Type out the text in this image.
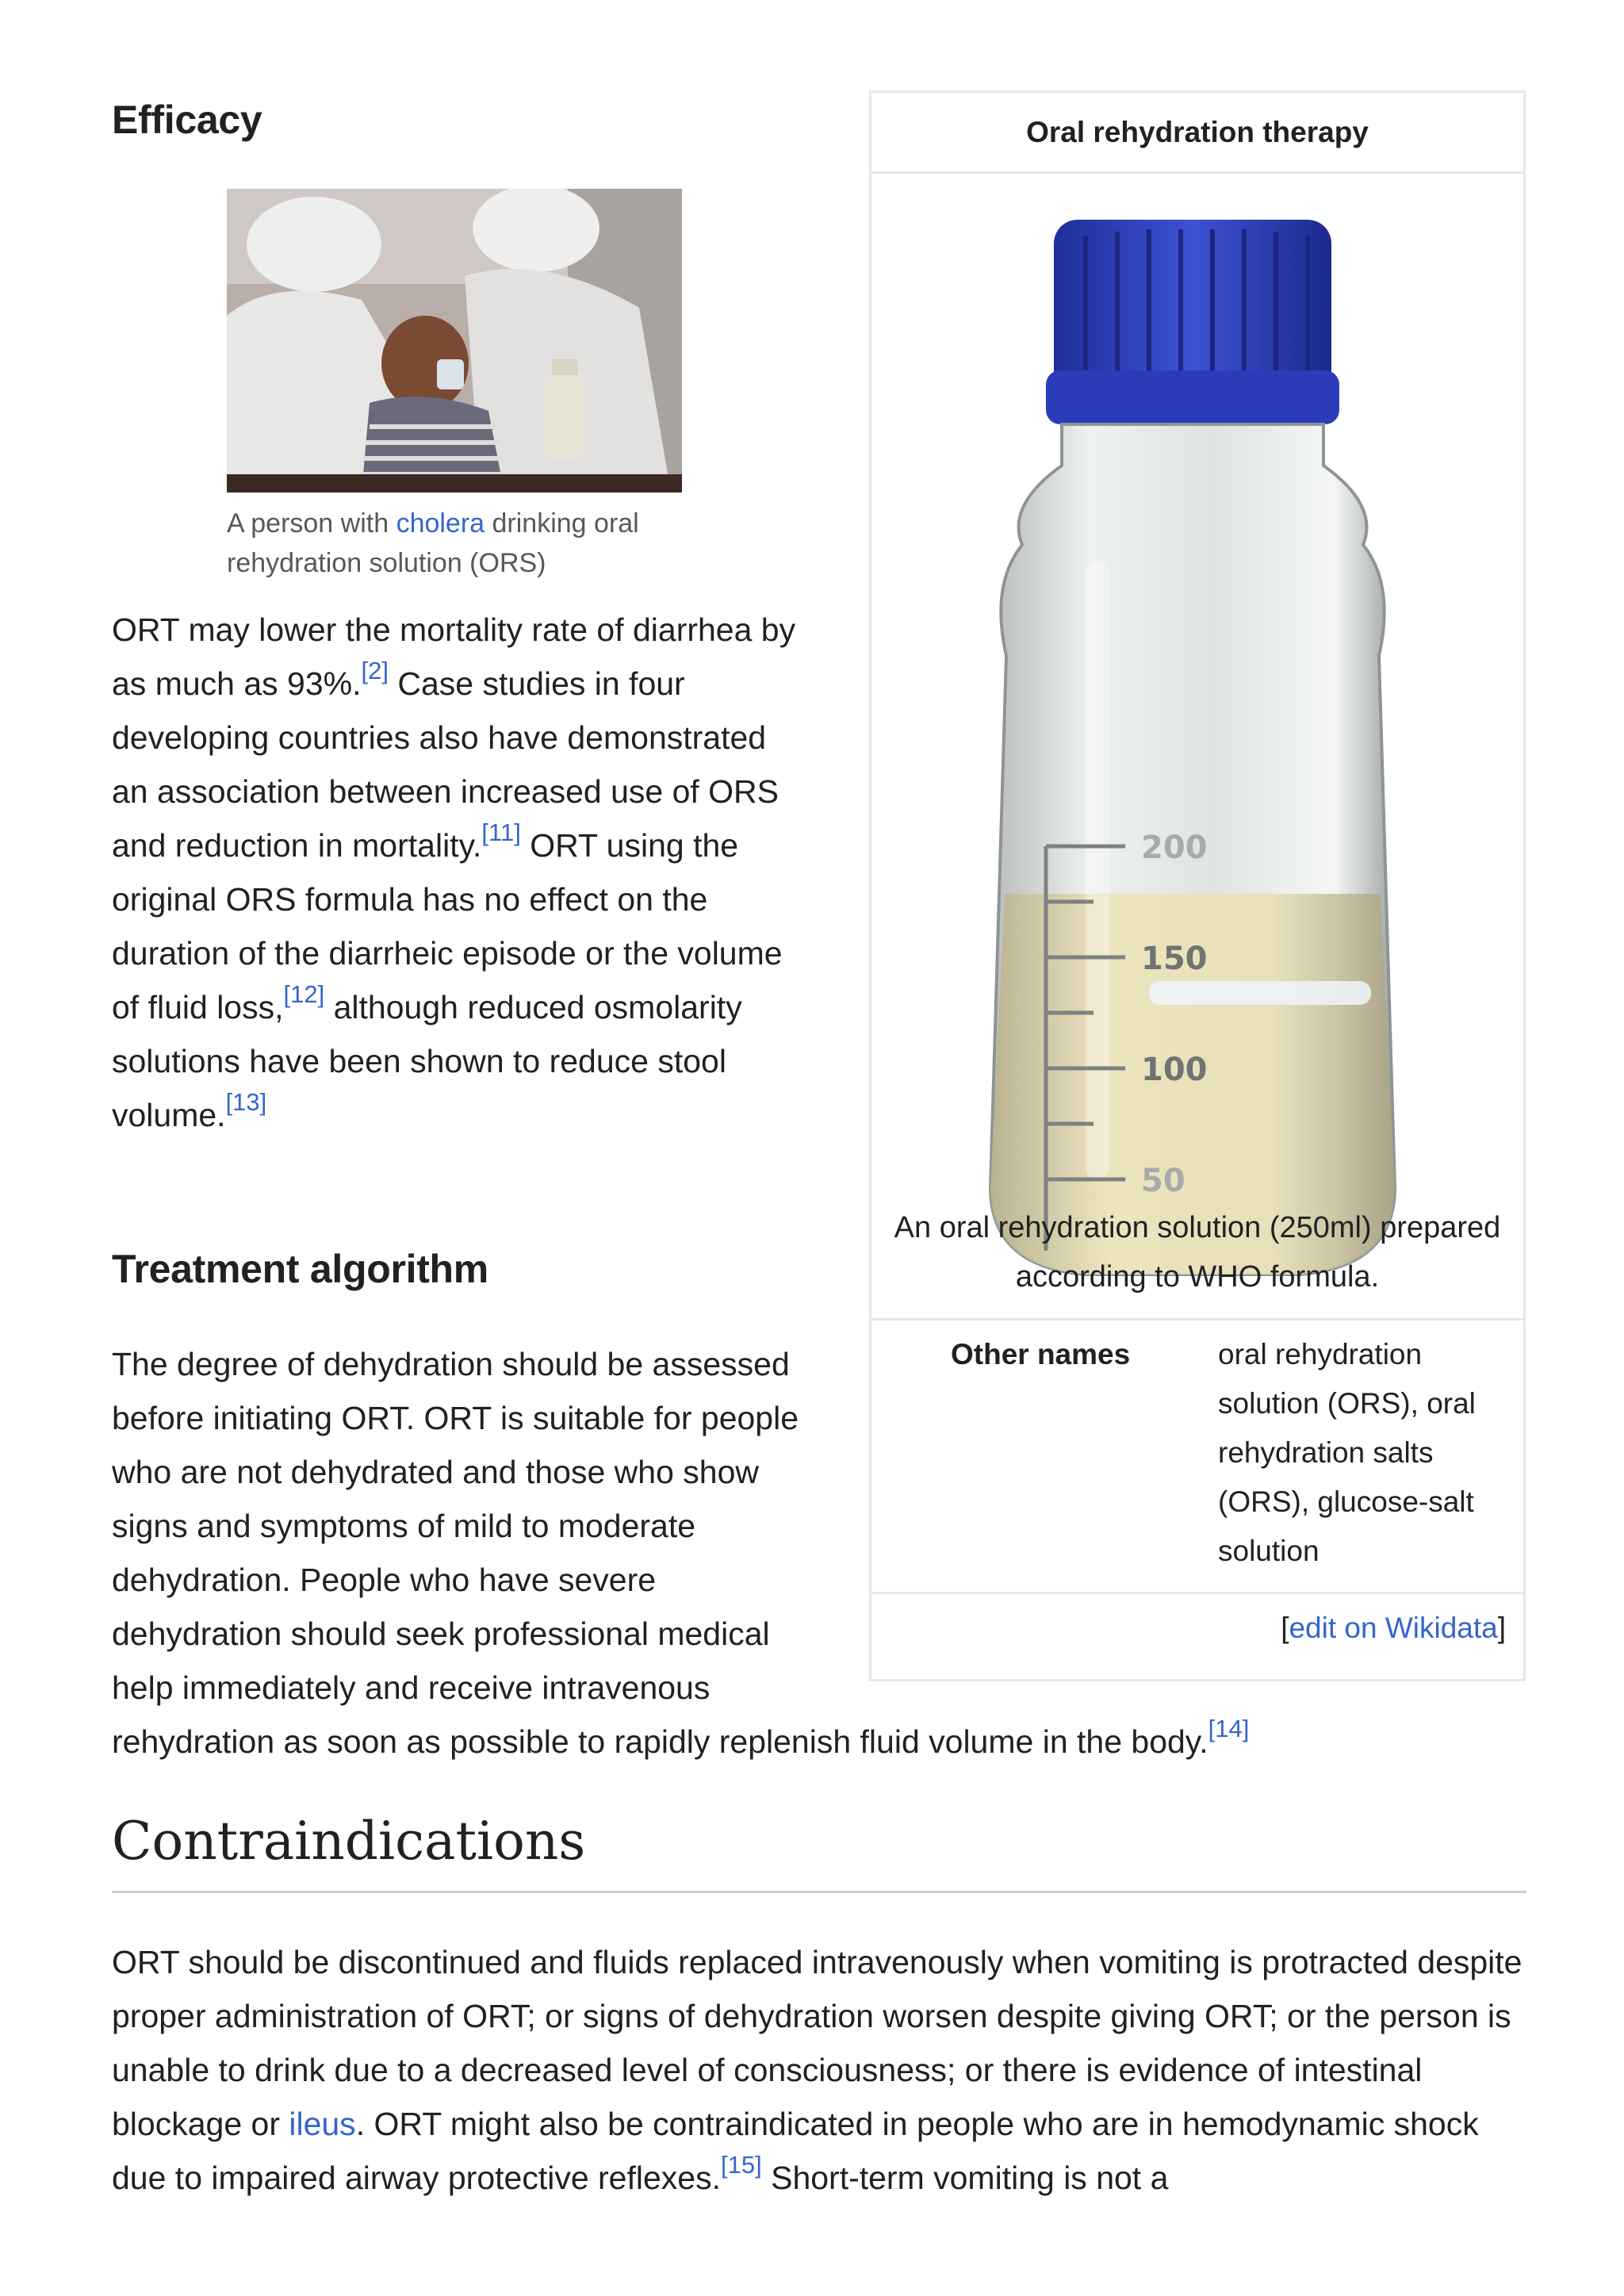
Efficacy
A person with cholera drinking oral rehydration solution (ORS)

ORT may lower the mortality rate of diarrhea by as much as 93%.[2] Case studies in four developing countries also have demonstrated an association between increased use of ORS and reduction in mortality.[11] ORT using the original ORS formula has no effect on the duration of the diarrheic episode or the volume of fluid loss,[12] although reduced osmolarity solutions have been shown to reduce stool volume.[13]

Treatment algorithm
The degree of dehydration should be assessed before initiating ORT. ORT is suitable for people who are not dehydrated and those who show signs and symptoms of mild to moderate dehydration. People who have severe dehydration should seek professional medical help immediately and receive intravenous rehydration as soon as possible to rapidly replenish fluid volume in the body.[14]
Contraindications

ORT should be discontinued and fluids replaced intravenously when vomiting is protracted despite proper administration of ORT; or signs of dehydration worsen despite giving ORT; or the person is unable to drink due to a decreased level of consciousness; or there is evidence of intestinal blockage or ileus. ORT might also be contraindicated in people who are in hemodynamic shock due to impaired airway protective reflexes.[15] Short-term vomiting is not a

Oral rehydration therapy
200
150
100
50
An oral rehydration solution (250ml) prepared according to WHO formula.
Other names	oral rehydration solution (ORS), oral rehydration salts (ORS), glucose-salt solution
[edit on Wikidata]
